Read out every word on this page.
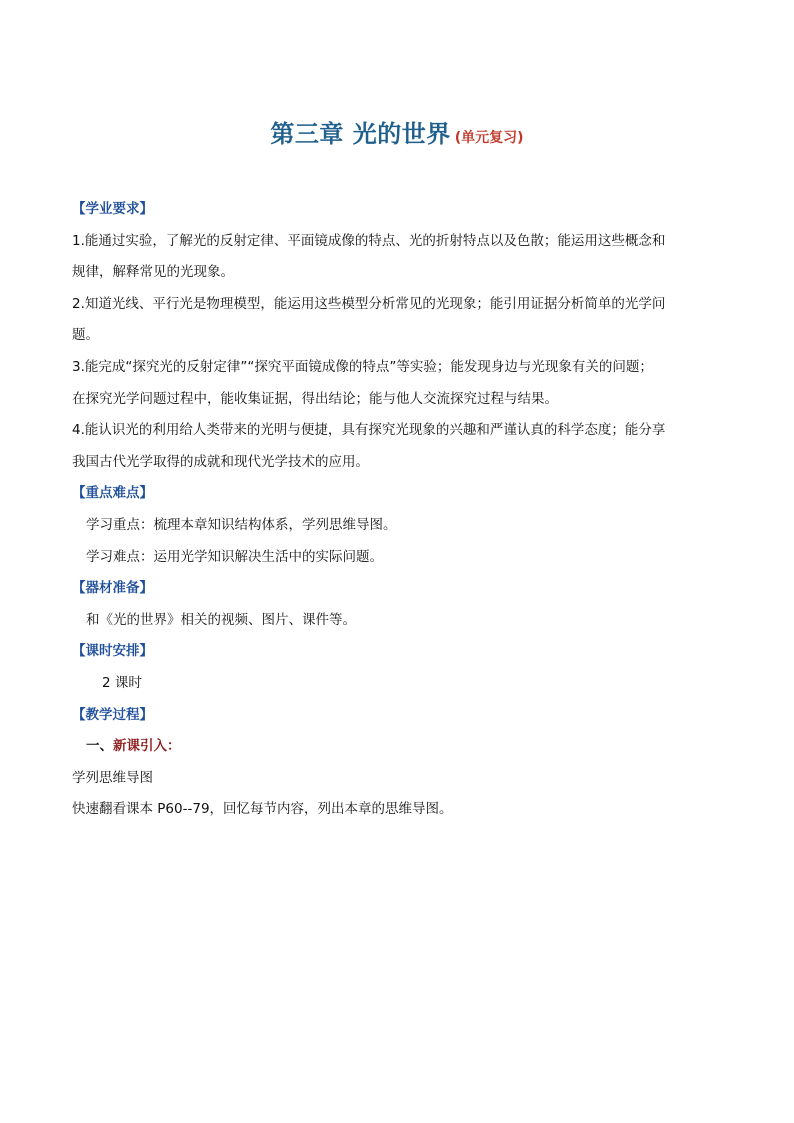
第三章 光的世界 (单元复习)
【学业要求】

1.能通过实验，了解光的反射定律、平面镜成像的特点、光的折射特点以及色散；能运用这些概念和

规律，解释常见的光现象。

2.知道光线、平行光是物理模型，能运用这些模型分析常见的光现象；能引用证据分析简单的光学问

题。

3.能完成“探究光的反射定律”“探究平面镜成像的特点”等实验；能发现身边与光现象有关的问题；

在探究光学问题过程中，能收集证据，得出结论；能与他人交流探究过程与结果。

4.能认识光的利用给人类带来的光明与便捷，具有探究光现象的兴趣和严谨认真的科学态度；能分享

我国古代光学取得的成就和现代光学技术的应用。

【重点难点】

学习重点：梳理本章知识结构体系，学列思维导图。

学习难点：运用光学知识解决生活中的实际问题。

【器材准备】

和《光的世界》相关的视频、图片、课件等。

【课时安排】

2 课时

【教学过程】
一、新课引入：

学列思维导图

快速翻看课本 P60--79，回忆每节内容，列出本章的思维导图。
